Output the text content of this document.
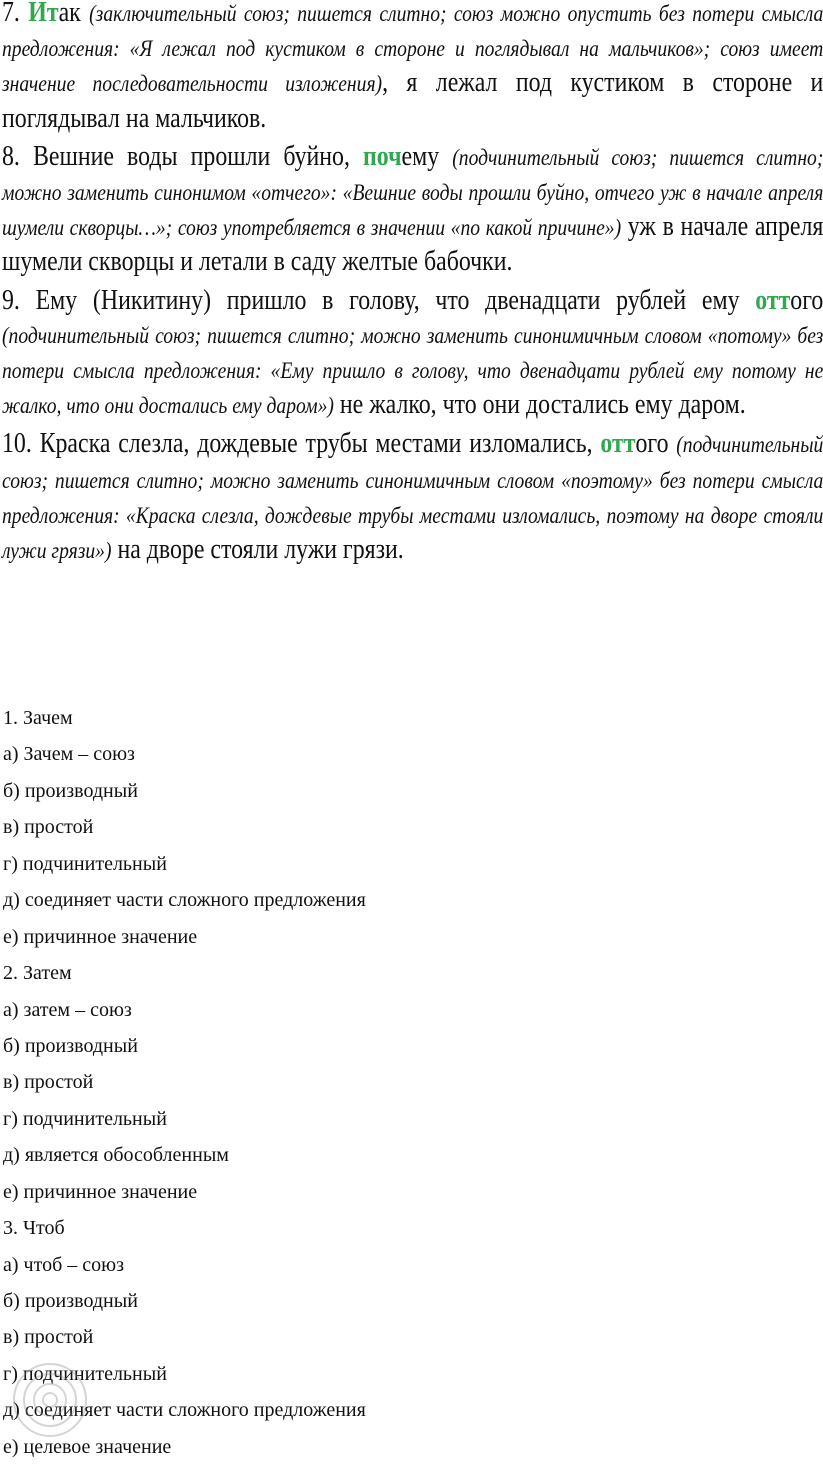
7. Итак (заключительный союз; пишется слитно; союз можно опустить без потери смысла предложения: «Я лежал под кустиком в стороне и поглядывал на мальчиков»; союз имеет значение последовательности изложения), я лежал под кустиком в стороне и поглядывал на мальчиков.

8. Вешние воды прошли буйно, почему (подчинительный союз; пишется слитно; можно заменить синонимом «отчего»: «Вешние воды прошли буйно, отчего уж в начале апреля шумели скворцы…»; союз употребляется в значении «по какой причине») уж в начале апреля шумели скворцы и летали в саду желтые бабочки.

9. Ему (Никитину) пришло в голову, что двенадцати рублей ему оттого (подчинительный союз; пишется слитно; можно заменить синонимичным словом «потому» без потери смысла предложения: «Ему пришло в голову, что двенадцати рублей ему потому не жалко, что они достались ему даром») не жалко, что они достались ему даром.

10. Краска слезла, дождевые трубы местами изломались, оттого (подчинительный союз; пишется слитно; можно заменить синонимичным словом «поэтому» без потери смысла предложения: «Краска слезла, дождевые трубы местами изломались, поэтому на дворе стояли лужи грязи») на дворе стояли лужи грязи.

1. Зачем
а) Зачем – союз
б) производный
в) простой
г) подчинительный
д) соединяет части сложного предложения
е) причинное значение
2. Затем
а) затем – союз
б) производный
в) простой
г) подчинительный
д) является обособленным
е) причинное значение
3. Чтоб
а) чтоб – союз
б) производный
в) простой
г) подчинительный
д) соединяет части сложного предложения
е) целевое значение
